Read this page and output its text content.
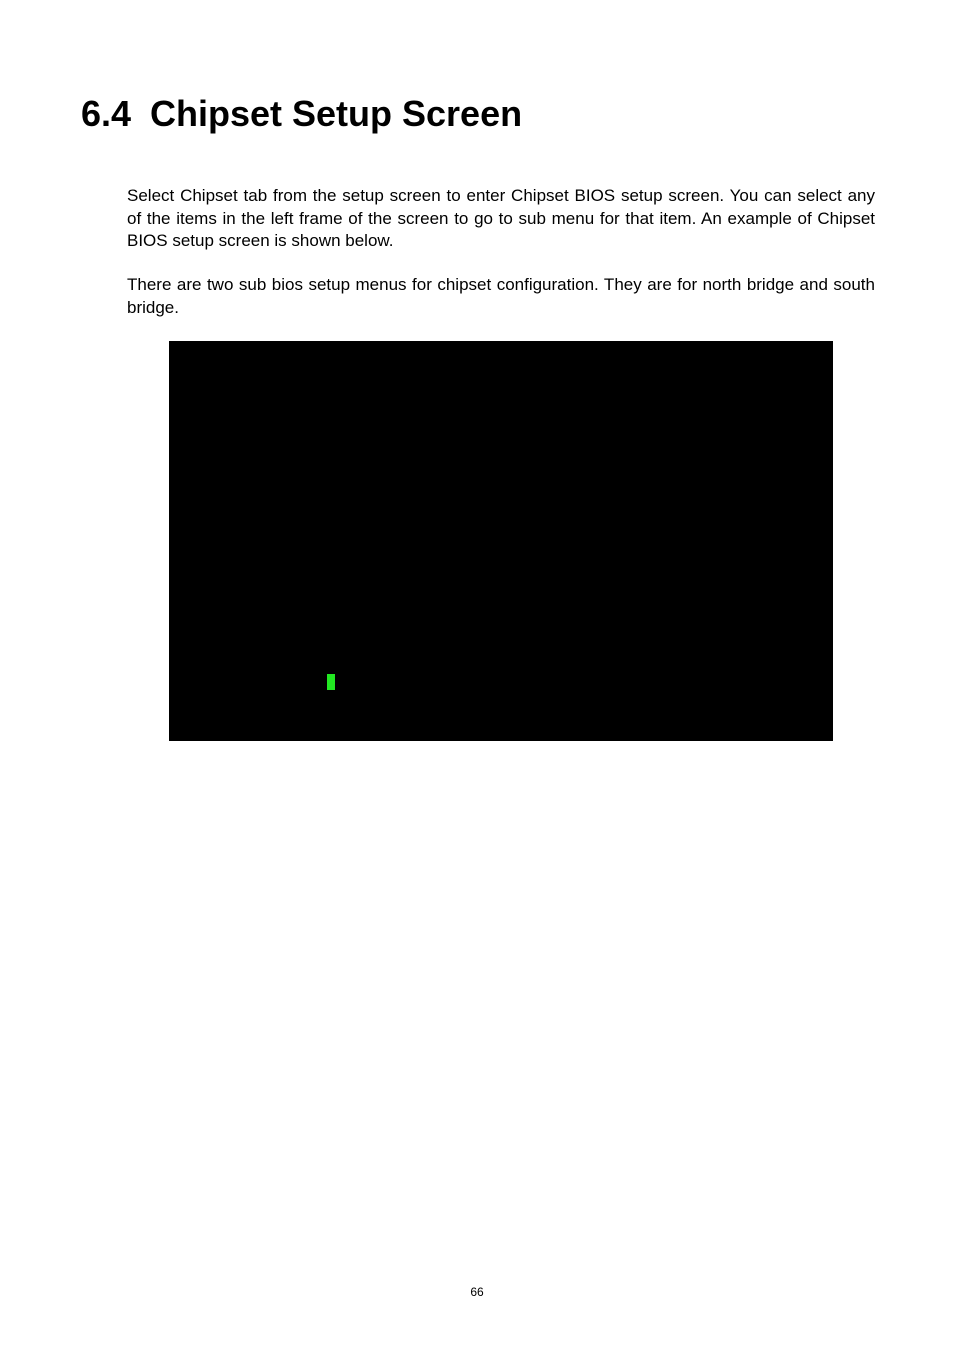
6.4 Chipset Setup Screen

Select Chipset tab from the setup screen to enter Chipset BIOS setup screen. You can select any of the items in the left frame of the screen to go to sub menu for that item. An example of Chipset BIOS setup screen is shown below.

There are two sub bios setup menus for chipset configuration. They are for north bridge and south bridge.

66
